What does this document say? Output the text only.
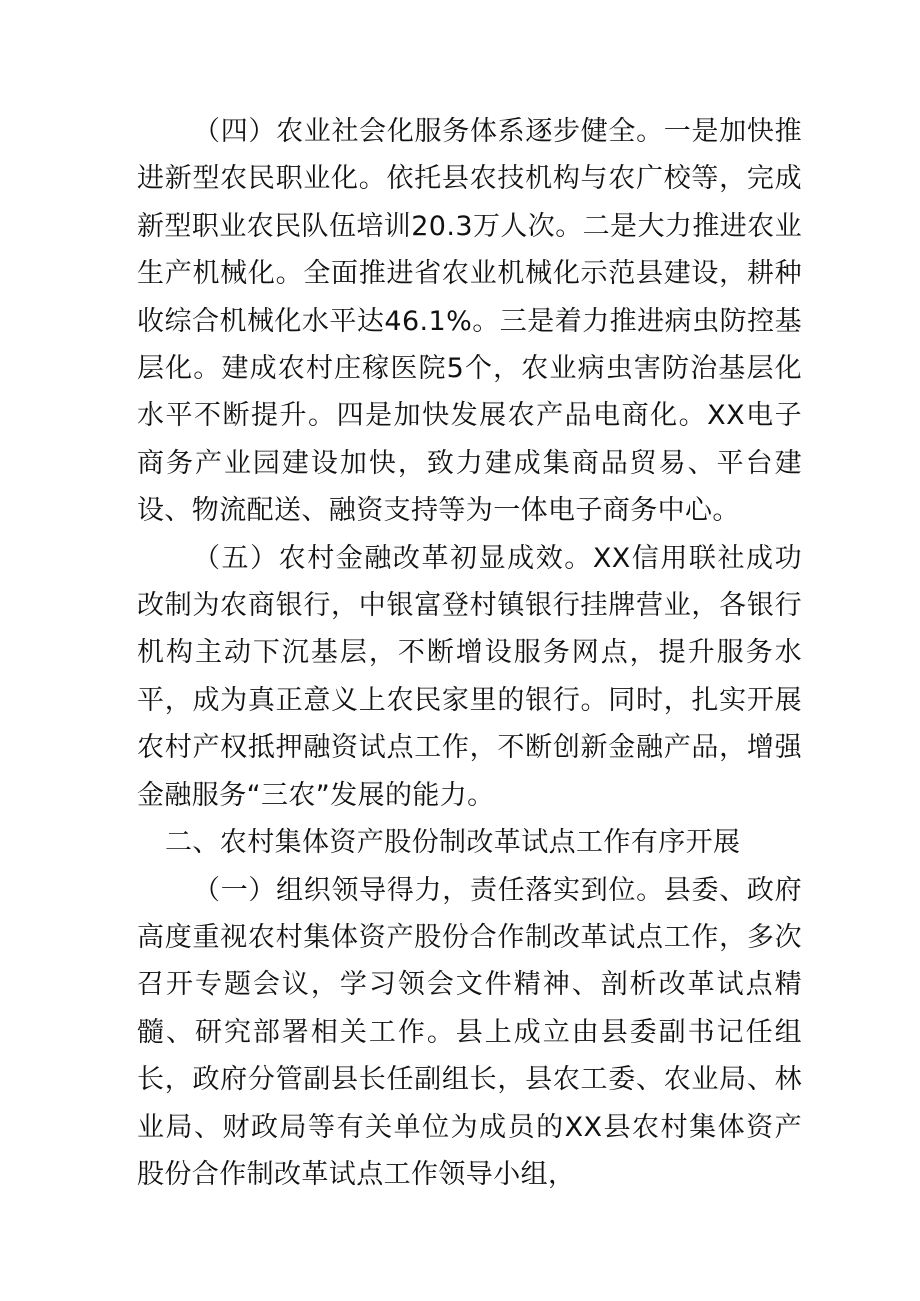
（四）农业社会化服务体系逐步健全。一是加快推进新型农民职业化。依托县农技机构与农广校等，完成新型职业农民队伍培训20.3万人次。二是大力推进农业生产机械化。全面推进省农业机械化示范县建设，耕种收综合机械化水平达46.1%。三是着力推进病虫防控基层化。建成农村庄稼医院5个，农业病虫害防治基层化水平不断提升。四是加快发展农产品电商化。XX电子商务产业园建设加快，致力建成集商品贸易、平台建设、物流配送、融资支持等为一体电子商务中心。

（五）农村金融改革初显成效。XX信用联社成功改制为农商银行，中银富登村镇银行挂牌营业，各银行机构主动下沉基层，不断增设服务网点，提升服务水平，成为真正意义上农民家里的银行。同时，扎实开展农村产权抵押融资试点工作，不断创新金融产品，增强金融服务“三农”发展的能力。

二、农村集体资产股份制改革试点工作有序开展

（一）组织领导得力，责任落实到位。县委、政府高度重视农村集体资产股份合作制改革试点工作，多次召开专题会议，学习领会文件精神、剖析改革试点精髓、研究部署相关工作。县上成立由县委副书记任组长，政府分管副县长任副组长，县农工委、农业局、林业局、财政局等有关单位为成员的XX县农村集体资产股份合作制改革试点工作领导小组，
